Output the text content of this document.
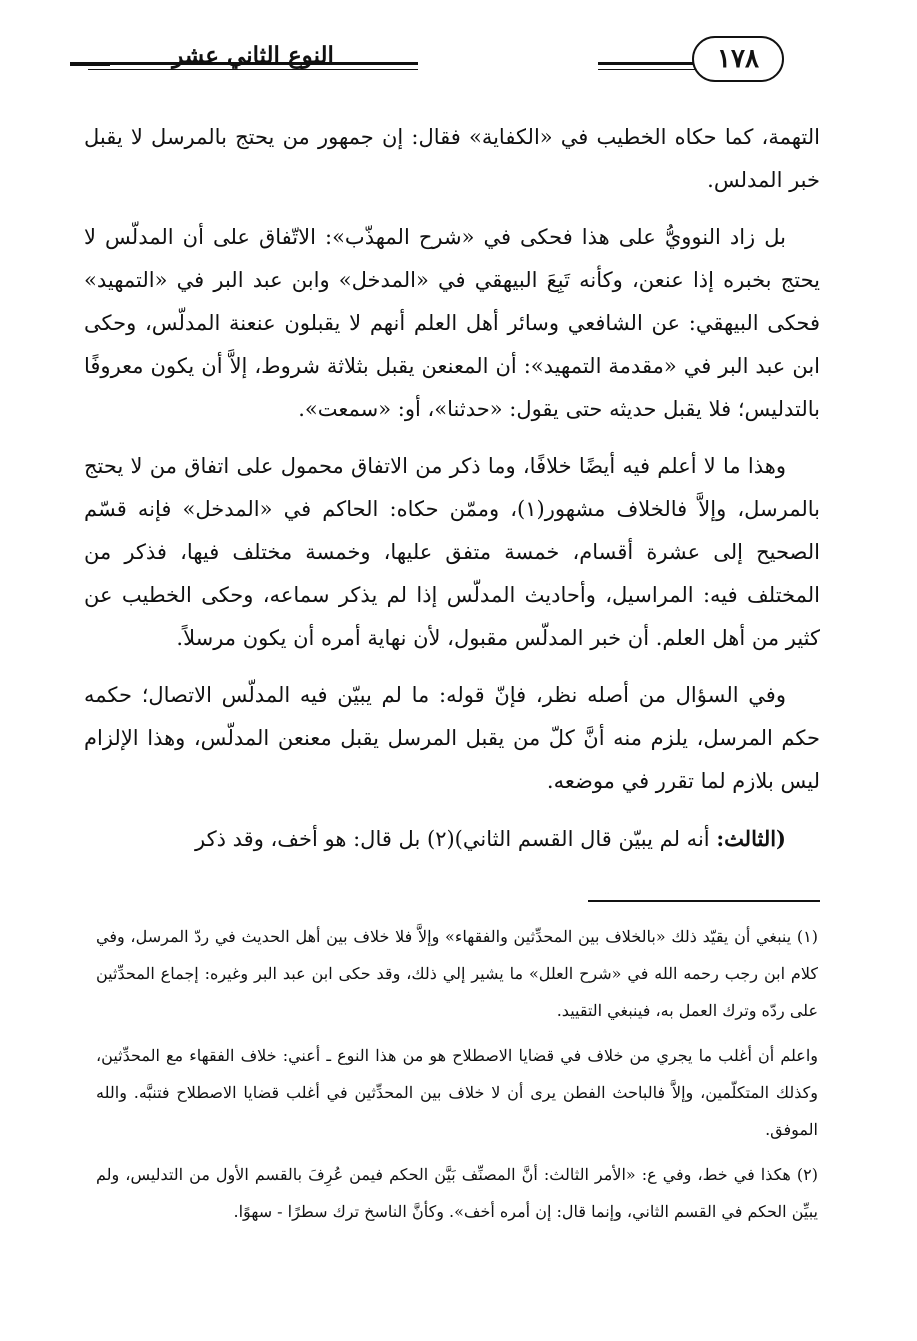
النوع الثاني عشر	١٧٨

التهمة، كما حكاه الخطيب في «الكفاية» فقال: إن جمهور من يحتج بالمرسل لا يقبل خبر المدلس.

بل زاد النوويُّ على هذا فحكى في «شرح المهذّب»: الاتّفاق على أن المدلّس لا يحتج بخبره إذا عنعن، وكأنه تَبِعَ البيهقي في «المدخل» وابن عبد البر في «التمهيد» فحكى البيهقي: عن الشافعي وسائر أهل العلم أنهم لا يقبلون عنعنة المدلّس، وحكى ابن عبد البر في «مقدمة التمهيد»: أن المعنعن يقبل بثلاثة شروط، إلاَّ أن يكون معروفًا بالتدليس؛ فلا يقبل حديثه حتى يقول: «حدثنا»، أو: «سمعت».

وهذا ما لا أعلم فيه أيضًا خلافًا، وما ذكر من الاتفاق محمول على اتفاق من لا يحتج بالمرسل، وإلاَّ فالخلاف مشهور(١)، وممّن حكاه: الحاكم في «المدخل» فإنه قسّم الصحيح إلى عشرة أقسام، خمسة متفق عليها، وخمسة مختلف فيها، فذكر من المختلف فيه: المراسيل، وأحاديث المدلّس إذا لم يذكر سماعه، وحكى الخطيب عن كثير من أهل العلم. أن خبر المدلّس مقبول، لأن نهاية أمره أن يكون مرسلاً.

وفي السؤال من أصله نظر، فإنّ قوله: ما لم يبيّن فيه المدلّس الاتصال؛ حكمه حكم المرسل، يلزم منه أنَّ كلّ من يقبل المرسل يقبل معنعن المدلّس، وهذا الإلزام ليس بلازم لما تقرر في موضعه.

(الثالث: أنه لم يبيّن قال القسم الثاني)(٢) بل قال: هو أخف، وقد ذكر

(١) ينبغي أن يقيّد ذلك «بالخلاف بين المحدِّثين والفقهاء» وإلاَّ فلا خلاف بين أهل الحديث في ردّ المرسل، وفي كلام ابن رجب رحمه الله في «شرح العلل» ما يشير إلي ذلك، وقد حكى ابن عبد البر وغيره: إجماع المحدِّثين على ردّه وترك العمل به، فينبغي التقييد.

واعلم أن أغلب ما يجري من خلاف في قضايا الاصطلاح هو من هذا النوع ـ أعني: خلاف الفقهاء مع المحدِّثين، وكذلك المتكلّمين، وإلاَّ فالباحث الفطن يرى أن لا خلاف بين المحدِّثين في أغلب قضايا الاصطلاح فتنبَّه. والله الموفق.

(٢) هكذا في خط، وفي ع: «الأمر الثالث: أنَّ المصنِّف بَيَّن الحكم فيمن عُرِفَ بالقسم الأول من التدليس، ولم يبيِّن الحكم في القسم الثاني، وإنما قال: إن أمره أخف». وكأنَّ الناسخ ترك سطرًا - سهوًا.
